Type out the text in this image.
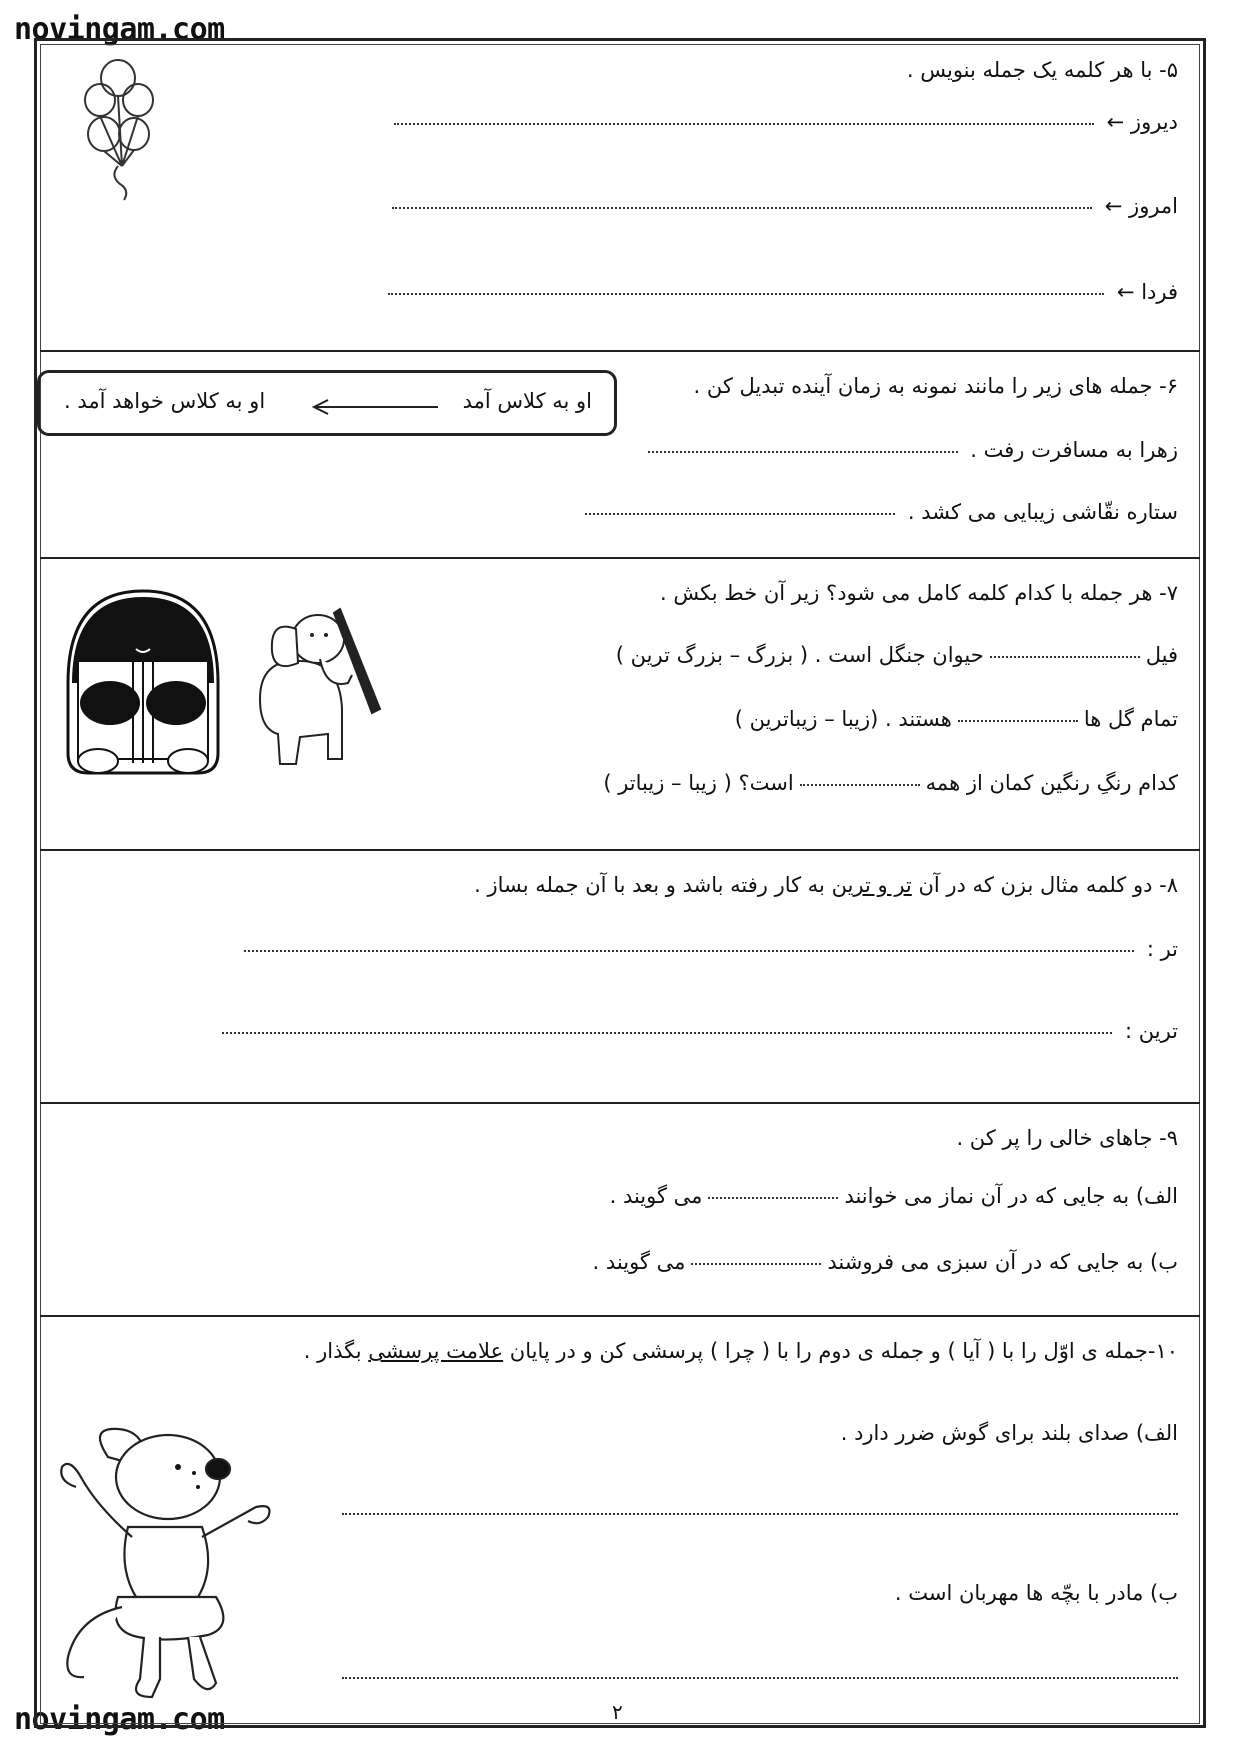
novingam.com
novingam.com
۵- با هر کلمه یک جمله بنویس .
دیروز ←
امروز ←
فردا ←
۶- جمله های زیر را مانند نمونه به زمان آینده تبدیل کن .
او به کلاس آمد
او به کلاس خواهد آمد .
زهرا به مسافرت رفت .
ستاره نقّاشی زیبایی می کشد .
۷- هر جمله با کدام کلمه کامل می شود؟ زیر آن خط بکش .
فیلحیوان جنگل است . ( بزرگ – بزرگ ترین )
تمام گل هاهستند . (زیبا – زیباترین )
کدام رنگِ رنگین کمان از همهاست؟ ( زیبا – زیباتر )
۸- دو کلمه مثال بزن که در آن تر و ترین به کار رفته باشد و بعد با آن جمله بساز .
تر :
ترین :
۹- جاهای خالی را پر کن .
الف) به جایی که در آن نماز می خوانندمی گویند .
ب) به جایی که در آن سبزی می فروشندمی گویند .
۱۰-جمله ی اوّل را با ( آیا ) و جمله ی دوم را با ( چرا ) پرسشی کن و در پایان علامت پرسشی بگذار .
الف) صدای بلند برای گوش ضرر دارد .
ب) مادر با بچّه ها مهربان است .
۲
